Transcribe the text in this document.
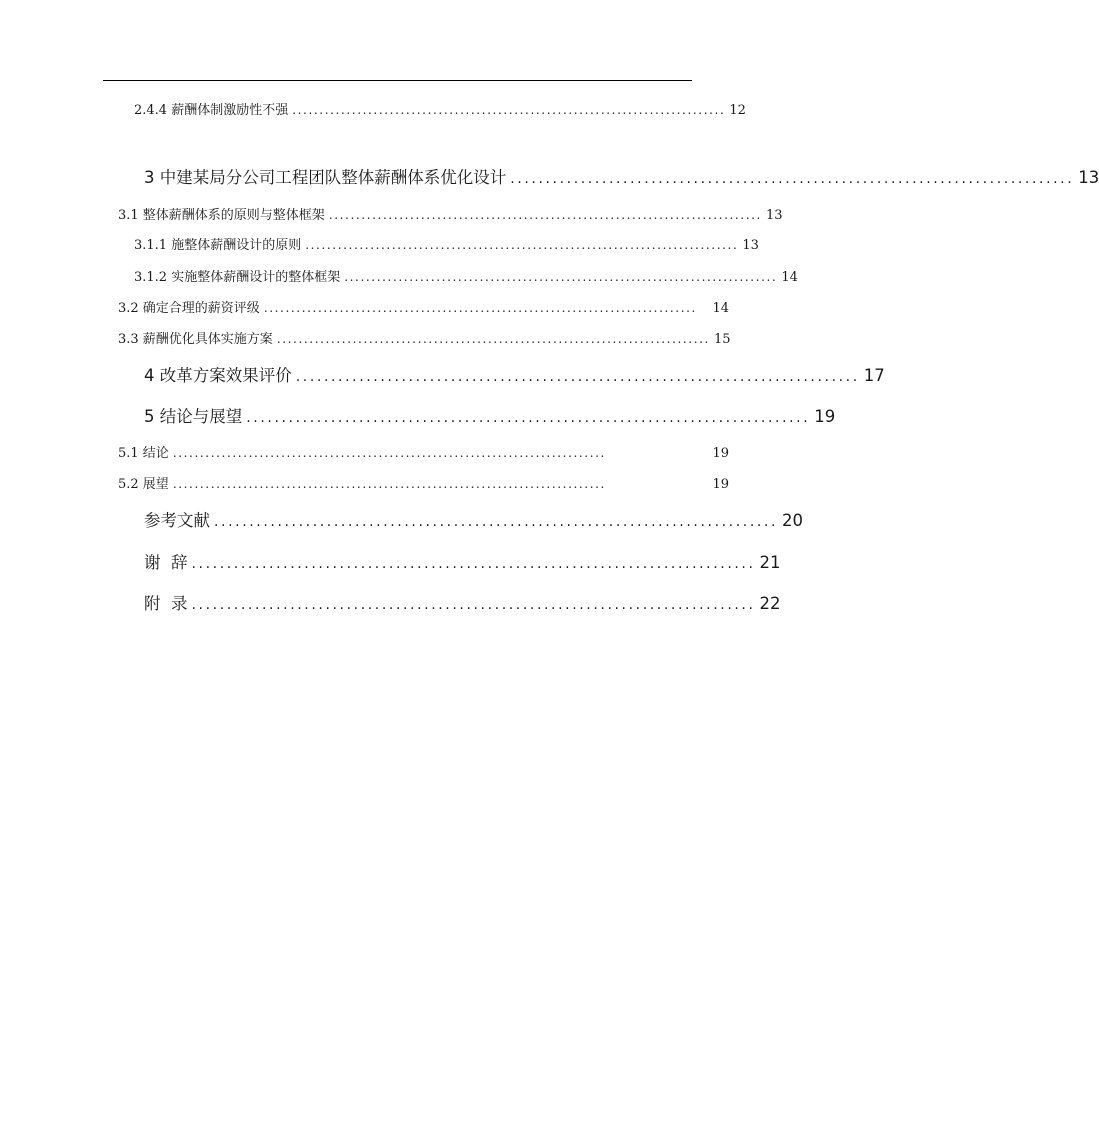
2.4.4 薪酬体制激励性不强 ................................................................................ 12
3 中建某局分公司工程团队整体薪酬体系优化设计 ................................................................................ 13
3.1 整体薪酬体系的原则与整体框架 ................................................................................ 13
3.1.1 施整体薪酬设计的原则 ................................................................................ 13
3.1.2 实施整体薪酬设计的整体框架 ................................................................................ 14
3.2 确定合理的薪资评级 ................................................................................	14
3.3 薪酬优化具体实施方案 ................................................................................ 15
4 改革方案效果评价 ................................................................................ 17
5 结论与展望 ................................................................................ 19
5.1 结论 ................................................................................	19
5.2 展望 ................................................................................	19
参考文献 ................................................................................ 20
谢  辞 ................................................................................ 21
附  录 ................................................................................ 22
